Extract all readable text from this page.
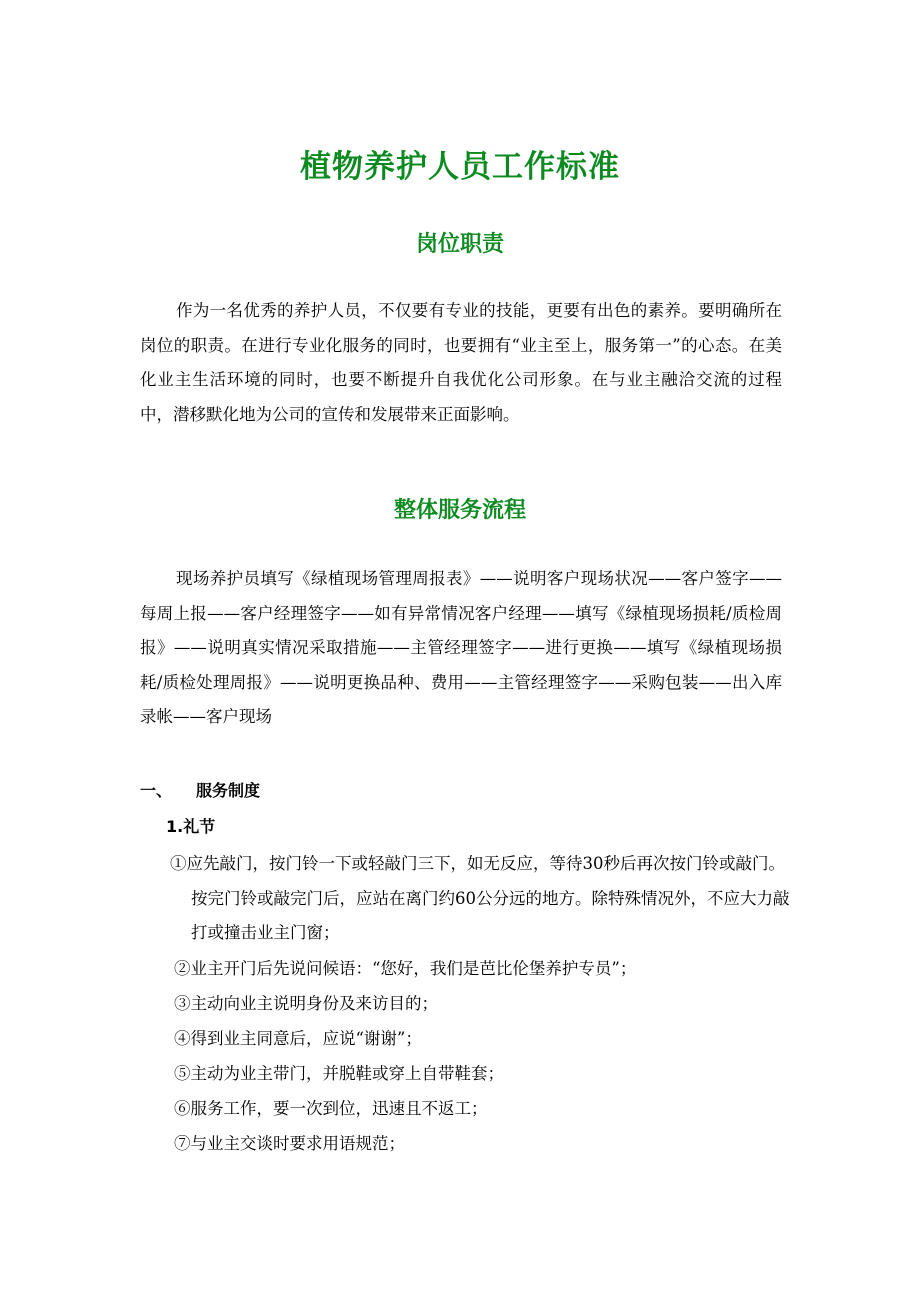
植物养护人员工作标准
岗位职责

作为一名优秀的养护人员，不仅要有专业的技能，更要有出色的素养。要明确所在岗位的职责。在进行专业化服务的同时，也要拥有“业主至上，服务第一”的心态。在美化业主生活环境的同时，也要不断提升自我优化公司形象。在与业主融洽交流的过程中，潜移默化地为公司的宣传和发展带来正面影响。

整体服务流程

现场养护员填写《绿植现场管理周报表》——说明客户现场状况——客户签字——每周上报——客户经理签字——如有异常情况客户经理——填写《绿植现场损耗/质检周报》——说明真实情况采取措施——主管经理签字——进行更换——填写《绿植现场损耗/质检处理周报》——说明更换品种、费用——主管经理签字——采购包装——出入库录帐——客户现场

一、 服务制度
1.礼节

①应先敲门，按门铃一下或轻敲门三下，如无反应，等待30秒后再次按门铃或敲门。按完门铃或敲完门后，应站在离门约60公分远的地方。除特殊情况外，不应大力敲打或撞击业主门窗；

②业主开门后先说问候语：“您好，我们是芭比伦堡养护专员”；

③主动向业主说明身份及来访目的；

④得到业主同意后，应说“谢谢”；

⑤主动为业主带门，并脱鞋或穿上自带鞋套；

⑥服务工作，要一次到位，迅速且不返工；

⑦与业主交谈时要求用语规范；
